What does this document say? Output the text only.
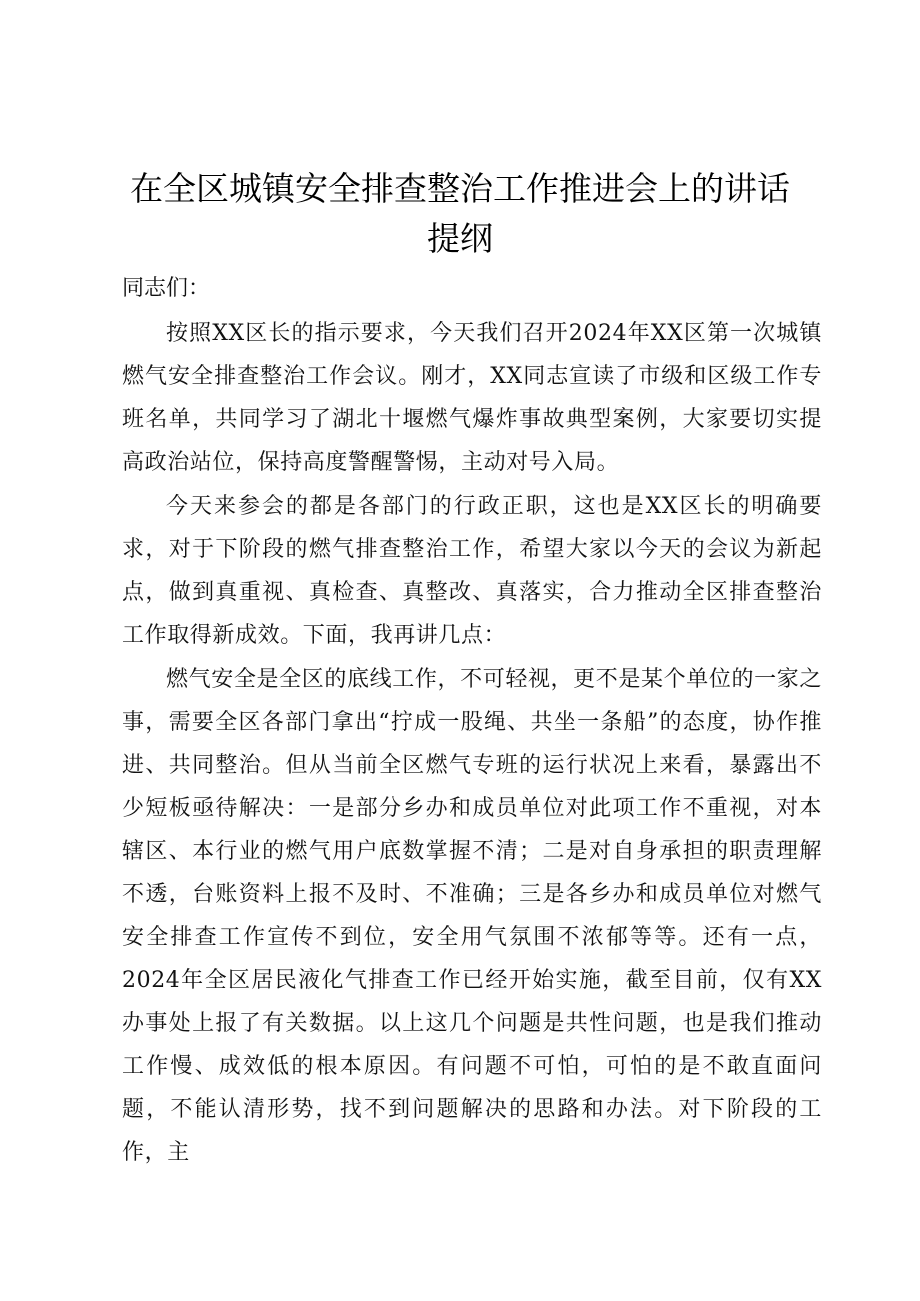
在全区城镇安全排查整治工作推进会上的讲话
提纲
同志们：

按照XX区长的指示要求，今天我们召开2024年XX区第一次城镇燃气安全排查整治工作会议。刚才，XX同志宣读了市级和区级工作专班名单，共同学习了湖北十堰燃气爆炸事故典型案例，大家要切实提高政治站位，保持高度警醒警惕，主动对号入局。

今天来参会的都是各部门的行政正职，这也是XX区长的明确要求，对于下阶段的燃气排查整治工作，希望大家以今天的会议为新起点，做到真重视、真检查、真整改、真落实，合力推动全区排查整治工作取得新成效。下面，我再讲几点：

燃气安全是全区的底线工作，不可轻视，更不是某个单位的一家之事，需要全区各部门拿出“拧成一股绳、共坐一条船”的态度，协作推进、共同整治。但从当前全区燃气专班的运行状况上来看，暴露出不少短板亟待解决：一是部分乡办和成员单位对此项工作不重视，对本辖区、本行业的燃气用户底数掌握不清；二是对自身承担的职责理解不透，台账资料上报不及时、不准确；三是各乡办和成员单位对燃气安全排查工作宣传不到位，安全用气氛围不浓郁等等。还有一点，2024年全区居民液化气排查工作已经开始实施，截至目前，仅有XX办事处上报了有关数据。以上这几个问题是共性问题，也是我们推动工作慢、成效低的根本原因。有问题不可怕，可怕的是不敢直面问题，不能认清形势，找不到问题解决的思路和办法。对下阶段的工作，主
